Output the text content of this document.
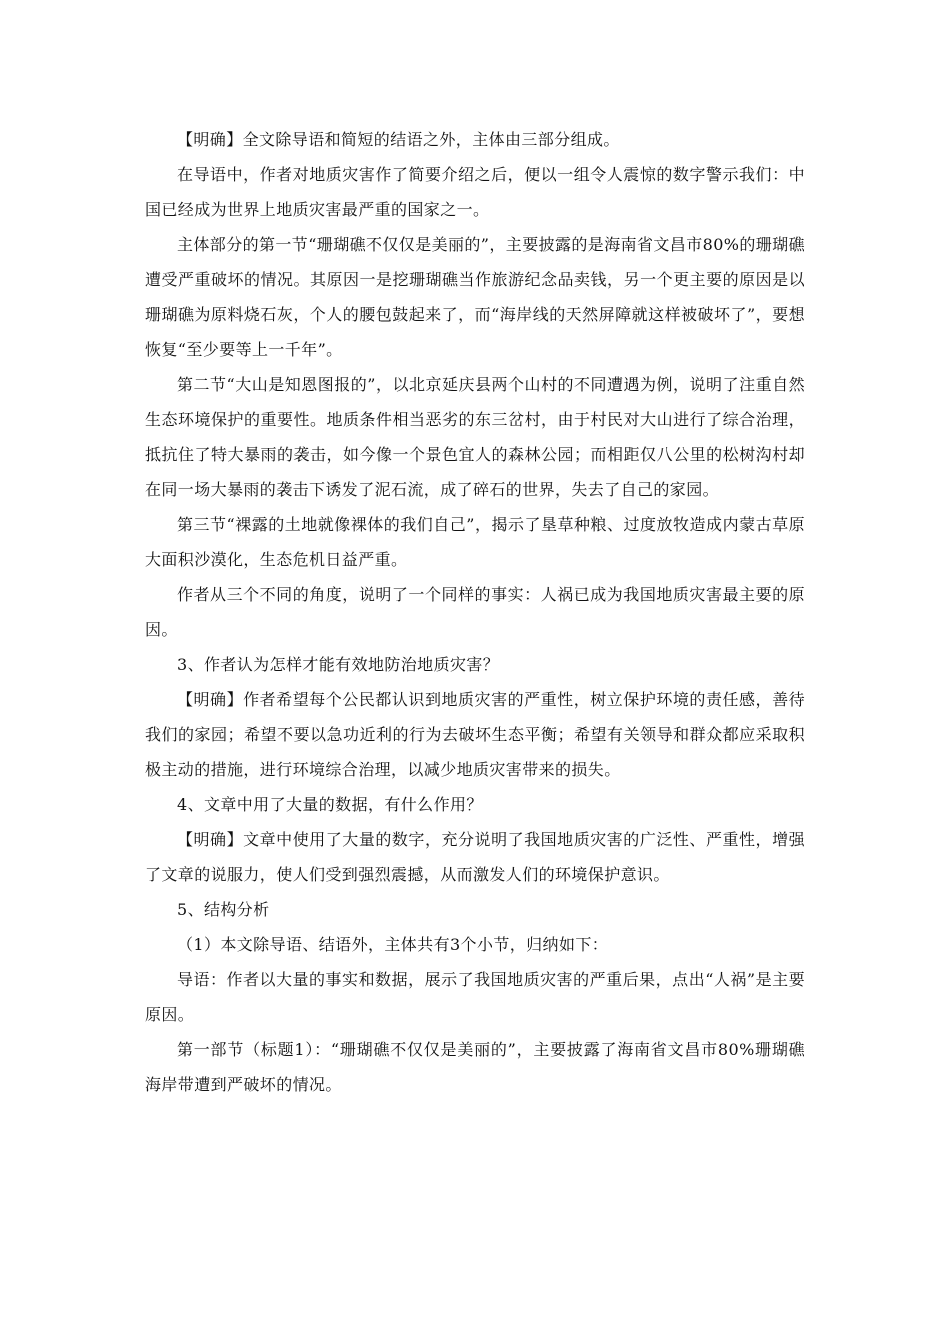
【明确】全文除导语和简短的结语之外，主体由三部分组成。

在导语中，作者对地质灾害作了简要介绍之后，便以一组令人震惊的数字警示我们：中国已经成为世界上地质灾害最严重的国家之一。

主体部分的第一节“珊瑚礁不仅仅是美丽的”，主要披露的是海南省文昌市80%的珊瑚礁遭受严重破坏的情况。其原因一是挖珊瑚礁当作旅游纪念品卖钱，另一个更主要的原因是以珊瑚礁为原料烧石灰，个人的腰包鼓起来了，而“海岸线的天然屏障就这样被破坏了”，要想恢复“至少要等上一千年”。

第二节“大山是知恩图报的”，以北京延庆县两个山村的不同遭遇为例，说明了注重自然生态环境保护的重要性。地质条件相当恶劣的东三岔村，由于村民对大山进行了综合治理，抵抗住了特大暴雨的袭击，如今像一个景色宜人的森林公园；而相距仅八公里的松树沟村却在同一场大暴雨的袭击下诱发了泥石流，成了碎石的世界，失去了自己的家园。

第三节“裸露的土地就像裸体的我们自己”，揭示了垦草种粮、过度放牧造成内蒙古草原大面积沙漠化，生态危机日益严重。

作者从三个不同的角度，说明了一个同样的事实：人祸已成为我国地质灾害最主要的原因。

3、作者认为怎样才能有效地防治地质灾害？

【明确】作者希望每个公民都认识到地质灾害的严重性，树立保护环境的责任感，善待我们的家园；希望不要以急功近利的行为去破坏生态平衡；希望有关领导和群众都应采取积极主动的措施，进行环境综合治理，以减少地质灾害带来的损失。

4、文章中用了大量的数据，有什么作用？

【明确】文章中使用了大量的数字，充分说明了我国地质灾害的广泛性、严重性，增强了文章的说服力，使人们受到强烈震撼，从而激发人们的环境保护意识。

5、结构分析

（1）本文除导语、结语外，主体共有3个小节，归纳如下：

导语：作者以大量的事实和数据，展示了我国地质灾害的严重后果，点出“人祸”是主要原因。

第一部节（标题1）：“珊瑚礁不仅仅是美丽的”，主要披露了海南省文昌市80%珊瑚礁海岸带遭到严破坏的情况。
